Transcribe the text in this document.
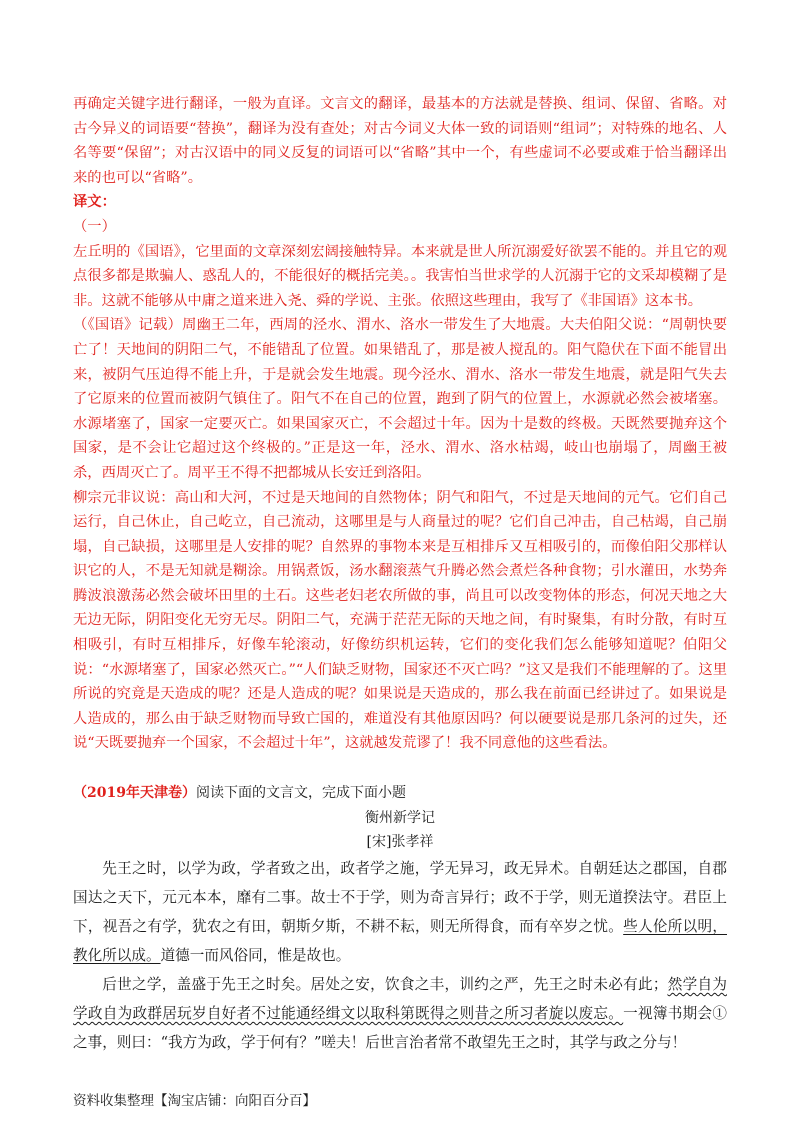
再确定关键字进行翻译，一般为直译。文言文的翻译，最基本的方法就是替换、组词、保留、省略。对古今异义的词语要“替换”，翻译为没有查处；对古今词义大体一致的词语则“组词”；对特殊的地名、人名等要“保留”；对古汉语中的同义反复的词语可以“省略”其中一个，有些虚词不必要或难于恰当翻译出来的也可以“省略”。

译文：

（一）

左丘明的《国语》，它里面的文章深刻宏阔接触特异。本来就是世人所沉溺爱好欲罢不能的。并且它的观点很多都是欺骗人、惑乱人的，不能很好的概括完美。。我害怕当世求学的人沉溺于它的文采却模糊了是非。这就不能够从中庸之道来进入尧、舜的学说、主张。依照这些理由，我写了《非国语》这本书。

（《国语》记载）周幽王二年，西周的泾水、渭水、洛水一带发生了大地震。大夫伯阳父说：“周朝快要亡了！天地间的阴阳二气，不能错乱了位置。如果错乱了，那是被人搅乱的。阳气隐伏在下面不能冒出来，被阴气压迫得不能上升，于是就会发生地震。现今泾水、渭水、洛水一带发生地震，就是阳气失去了它原来的位置而被阴气镇住了。阳气不在自己的位置，跑到了阴气的位置上，水源就必然会被堵塞。水源堵塞了，国家一定要灭亡。如果国家灭亡，不会超过十年。因为十是数的终极。天既然要抛弃这个国家，是不会让它超过这个终极的。”正是这一年，泾水、渭水、洛水枯竭，岐山也崩塌了，周幽王被杀，西周灭亡了。周平王不得不把都城从长安迁到洛阳。

柳宗元非议说：高山和大河，不过是天地间的自然物体；阴气和阳气，不过是天地间的元气。它们自己运行，自己休止，自己屹立，自己流动，这哪里是与人商量过的呢？它们自己冲击，自己枯竭，自己崩塌，自己缺损，这哪里是人安排的呢？自然界的事物本来是互相排斥又互相吸引的，而像伯阳父那样认识它的人，不是无知就是糊涂。用锅煮饭，汤水翻滚蒸气升腾必然会煮烂各种食物；引水灌田，水势奔腾波浪激荡必然会破坏田里的土石。这些老妇老农所做的事，尚且可以改变物体的形态，何况天地之大无边无际，阴阳变化无穷无尽。阴阳二气，充满于茫茫无际的天地之间，有时聚集，有时分散，有时互相吸引，有时互相排斥，好像车轮滚动，好像纺织机运转，它们的变化我们怎么能够知道呢？伯阳父说：“水源堵塞了，国家必然灭亡。”“人们缺乏财物，国家还不灭亡吗？”这又是我们不能理解的了。这里所说的究竟是天造成的呢？还是人造成的呢？如果说是天造成的，那么我在前面已经讲过了。如果说是人造成的，那么由于缺乏财物而导致亡国的，难道没有其他原因吗？何以硬要说是那几条河的过失，还说“天既要抛弃一个国家，不会超过十年”，这就越发荒谬了！我不同意他的这些看法。

（2019年天津卷）阅读下面的文言文，完成下面小题
衡州新学记
[宋]张孝祥

先王之时，以学为政，学者致之出，政者学之施，学无异习，政无异术。自朝廷达之郡国，自郡国达之天下，元元本本，靡有二事。故士不于学，则为奇言异行；政不于学，则无道揆法守。君臣上下，视吾之有学，犹农之有田，朝斯夕斯，不耕不耘，则无所得食，而有卒岁之忧。些人伦所以明，教化所以成。道德一而风俗同，惟是故也。

后世之学，盖盛于先王之时矣。居处之安，饮食之丰，训约之严，先王之时未必有此；然学自为学政自为政群居玩岁自好者不过能通经缉文以取科第既得之则昔之所习者旋以废忘。一视簿书期会①之事，则曰：“我方为政，学于何有？”嗟夫！后世言治者常不敢望先王之时，其学与政之分与！

资料收集整理【淘宝店铺：向阳百分百】
